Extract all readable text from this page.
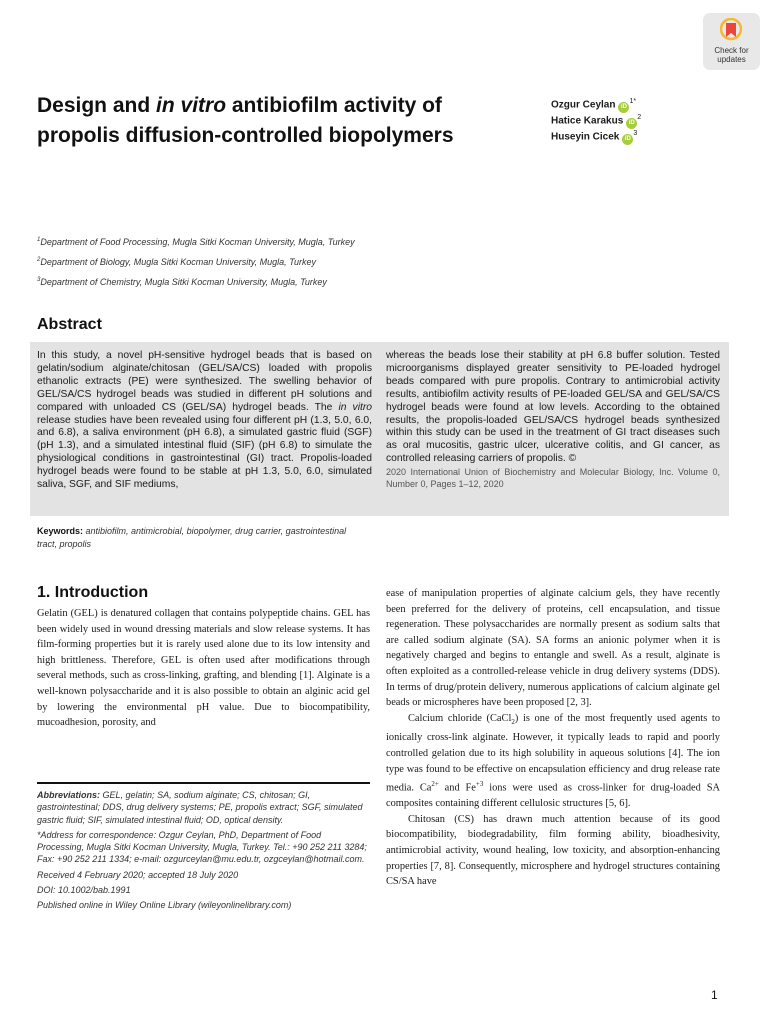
Check for
updates
Design and in vitro antibiofilm activity of propolis diffusion-controlled biopolymers
Ozgur Ceylan $iD^{1*}$
Hatice Karakus $iD^2$
Huseyin Cicek $iD^3$
$^1$Department of Food Processing, Mugla Sitki Kocman University, Mugla, Turkey
$^2$Department of Biology, Mugla Sitki Kocman University, Mugla, Turkey
$^3$Department of Chemistry, Mugla Sitki Kocman University, Mugla, Turkey
Abstract
In this study, a novel pH-sensitive hydrogel beads that is based on gelatin/sodium alginate/chitosan (GEL/SA/CS) loaded with propolis ethanolic extracts (PE) were synthesized. The swelling behavior of GEL/SA/CS hydrogel beads was studied in different pH solutions and compared with unloaded CS (GEL/SA) hydrogel beads. The in vitro release studies have been revealed using four different pH (1.3, 5.0, 6.0, and 6.8), a saliva environment (pH 6.8), a simulated gastric fluid (SGF) (pH 1.3), and a simulated intestinal fluid (SIF) (pH 6.8) to simulate the physiological conditions in gastrointestinal (GI) tract. Propolis-loaded hydrogel beads were found to be stable at pH 1.3, 5.0, 6.0, simulated saliva, SGF, and SIF mediums,
whereas the beads lose their stability at pH 6.8 buffer solution. Tested microorganisms displayed greater sensitivity to PE-loaded hydrogel beads compared with pure propolis. Contrary to antimicrobial activity results, antibiofilm activity results of PE-loaded GEL/SA and GEL/SA/CS hydrogel beads were found at low levels. According to the obtained results, the propolis-loaded GEL/SA/CS hydrogel beads synthesized within this study can be used in the treatment of GI tract diseases such as oral mucositis, gastric ulcer, ulcerative colitis, and GI cancer, as controlled releasing carriers of propolis. ©
2020 International Union of Biochemistry and Molecular Biology, Inc. Volume 0, Number 0, Pages 1–12, 2020
Keywords: antibiofilm, antimicrobial, biopolymer, drug carrier, gastrointestinal tract, propolis
1. Introduction

Gelatin (GEL) is denatured collagen that contains polypeptide chains. GEL has been widely used in wound dressing materials and slow release systems. It has film-forming properties but it is rarely used alone due to its low intensity and high brittleness. Therefore, GEL is often used after modifications through several methods, such as cross-linking, grafting, and blending [1]. Alginate is a well-known polysaccharide and it is also possible to obtain an alginic acid gel by lowering the environmental pH value. Due to biocompatibility, mucoadhesion, porosity, and

ease of manipulation properties of alginate calcium gels, they have recently been preferred for the delivery of proteins, cell encapsulation, and tissue regeneration. These polysaccharides are normally present as sodium salts that are called sodium alginate (SA). SA forms an anionic polymer when it is negatively charged and begins to entangle and swell. As a result, alginate is often exploited as a controlled-release vehicle in drug delivery systems (DDS). In terms of drug/protein delivery, numerous applications of calcium alginate gel beads or microspheres have been proposed [2, 3].

Calcium chloride (CaCl$_2$) is one of the most frequently used agents to ionically cross-link alginate. However, it typically leads to rapid and poorly controlled gelation due to its high solubility in aqueous solutions [4]. The ion type was found to be effective on encapsulation efficiency and drug release rate media. $Ca^{2+}$ and $Fe^{+3}$ ions were used as cross-linker for drug-loaded SA composites containing different cellulosic structures [5, 6].

Chitosan (CS) has drawn much attention because of its good biocompatibility, biodegradability, film forming ability, bioadhesivity, antimicrobial activity, wound healing, low toxicity, and absorption-enhancing properties [7, 8]. Consequently, microsphere and hydrogel structures containing CS/SA have

Abbreviations: GEL, gelatin; SA, sodium alginate; CS, chitosan; GI, gastrointestinal; DDS, drug delivery systems; PE, propolis extract; SGF, simulated gastric fluid; SIF, simulated intestinal fluid; OD, optical density.

*Address for correspondence: Ozgur Ceylan, PhD, Department of Food Processing, Mugla Sitki Kocman University, Mugla, Turkey. Tel.: +90 252 211 3284; Fax: +90 252 211 1334; e-mail: ozgurceylan@mu.edu.tr, ozgceylan@hotmail.com.

Received 4 February 2020; accepted 18 July 2020

DOI: 10.1002/bab.1991

Published online in Wiley Online Library (wileyonlinelibrary.com)

1
